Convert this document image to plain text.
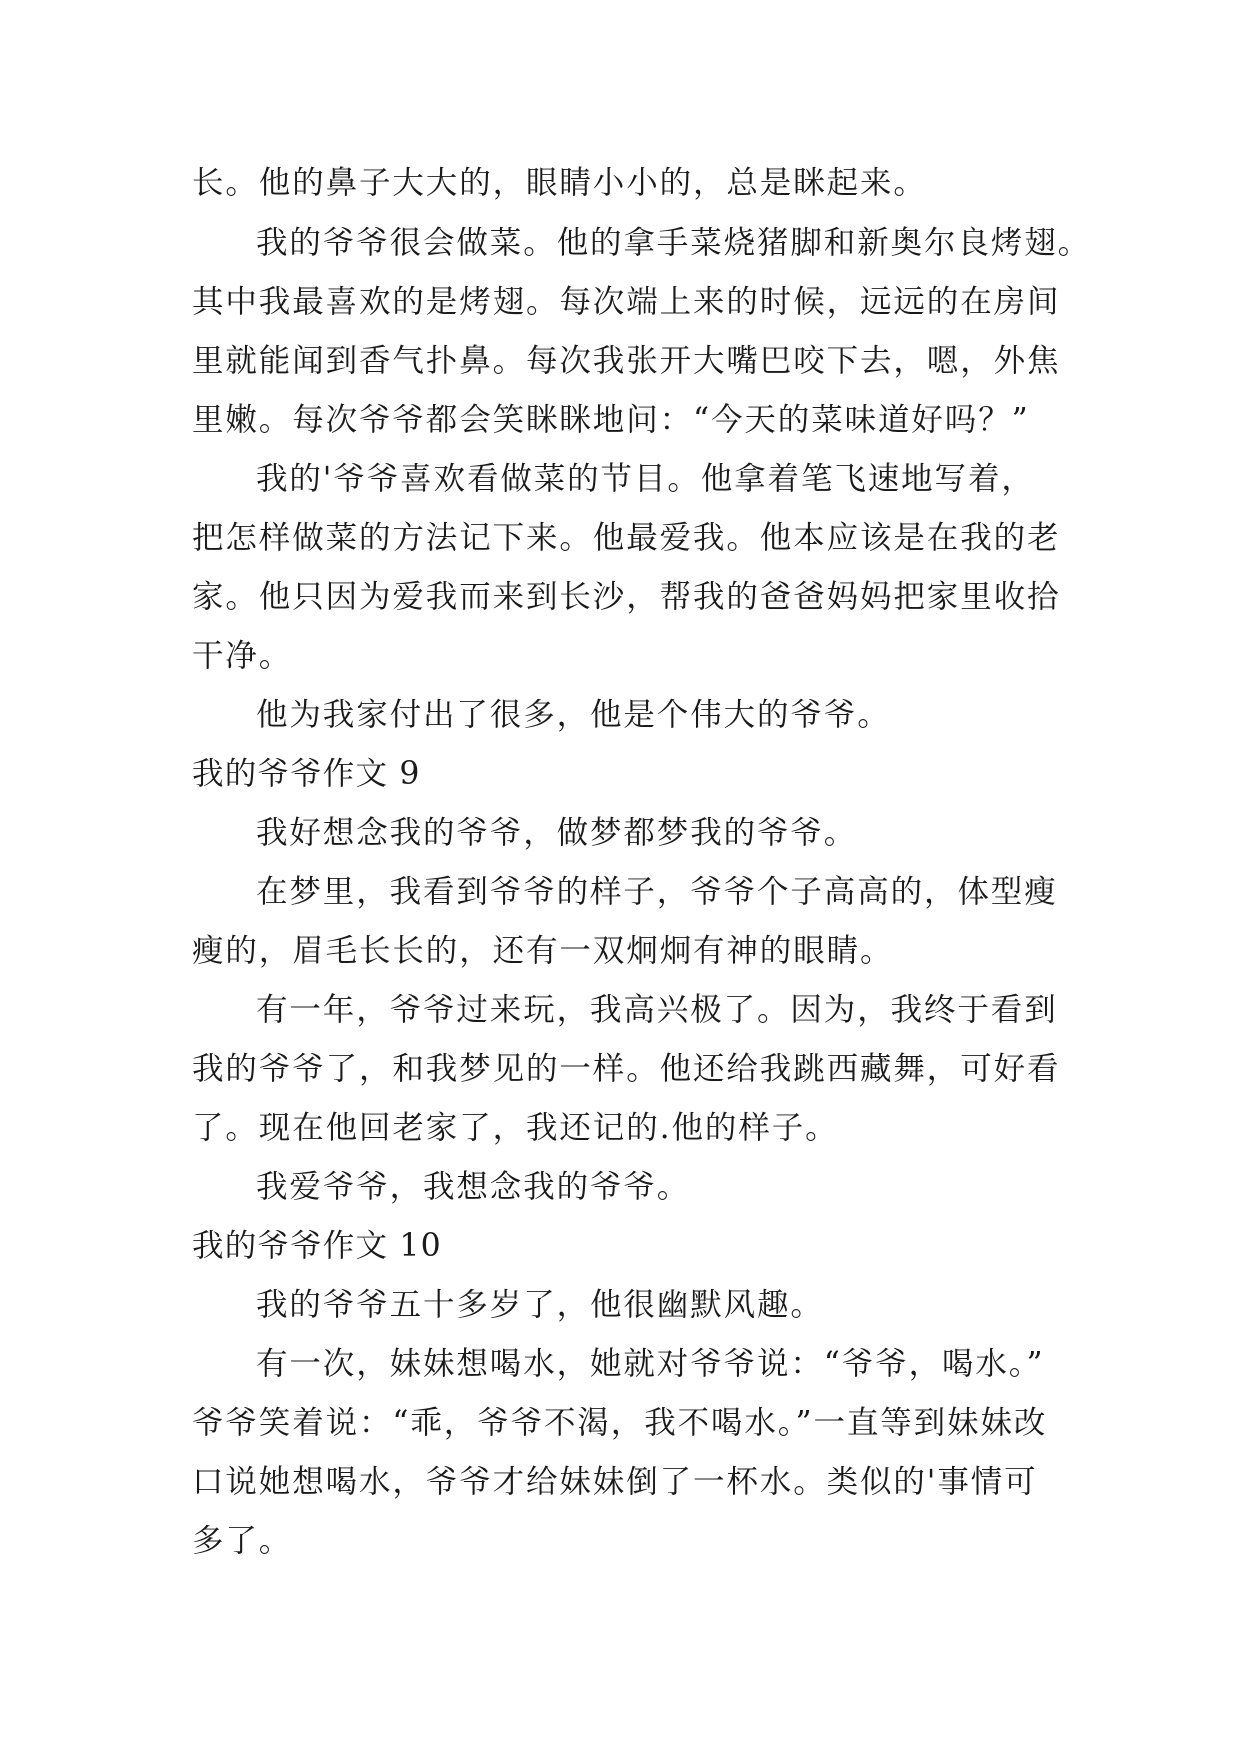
长。他的鼻子大大的，眼睛小小的，总是眯起来。
我的爷爷很会做菜。他的拿手菜烧猪脚和新奥尔良烤翅。
其中我最喜欢的是烤翅。每次端上来的时候，远远的在房间
里就能闻到香气扑鼻。每次我张开大嘴巴咬下去，嗯，外焦
里嫩。每次爷爷都会笑眯眯地问：“今天的菜味道好吗？”
我的'爷爷喜欢看做菜的节目。他拿着笔飞速地写着，
把怎样做菜的方法记下来。他最爱我。他本应该是在我的老
家。他只因为爱我而来到长沙，帮我的爸爸妈妈把家里收拾
干净。
他为我家付出了很多，他是个伟大的爷爷。
我的爷爷作文 9
我好想念我的爷爷，做梦都梦我的爷爷。
在梦里，我看到爷爷的样子，爷爷个子高高的，体型瘦
瘦的，眉毛长长的，还有一双炯炯有神的眼睛。
有一年，爷爷过来玩，我高兴极了。因为，我终于看到
我的爷爷了，和我梦见的一样。他还给我跳西藏舞，可好看
了。现在他回老家了，我还记的.他的样子。
我爱爷爷，我想念我的爷爷。
我的爷爷作文 10
我的爷爷五十多岁了，他很幽默风趣。
有一次，妹妹想喝水，她就对爷爷说：“爷爷，喝水。”
爷爷笑着说：“乖，爷爷不渴，我不喝水。”一直等到妹妹改
口说她想喝水，爷爷才给妹妹倒了一杯水。类似的'事情可
多了。
